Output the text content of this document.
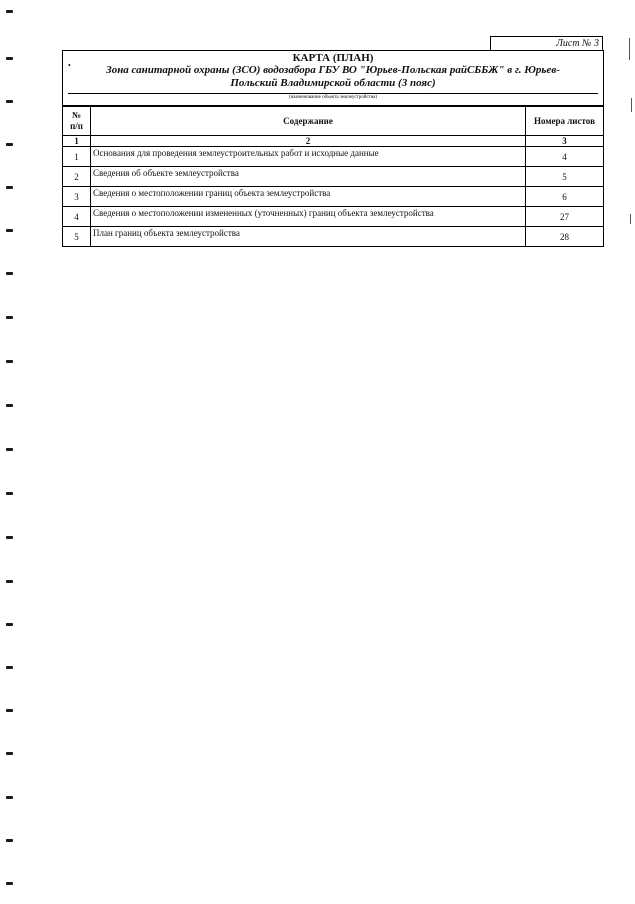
Лист № 3
•
КАРТА (ПЛАН)
Зона санитарной охраны (ЗСО) водозабора ГБУ ВО "Юрьев-Польская райСББЖ" в г. Юрьев-Польский Владимирской области (3 пояс)
(наименование объекта землеустройства)
№
п/п	Содержание	Номера листов
1	2	3
1	Основания для проведения землеустроительных работ и исходные данные	4
2	Сведения об объекте землеустройства	5
3	Сведения о местоположении границ объекта землеустройства	6
4	Сведения о местоположении измененных (уточненных) границ объекта землеустройства	27
5	План границ объекта землеустройства	28
